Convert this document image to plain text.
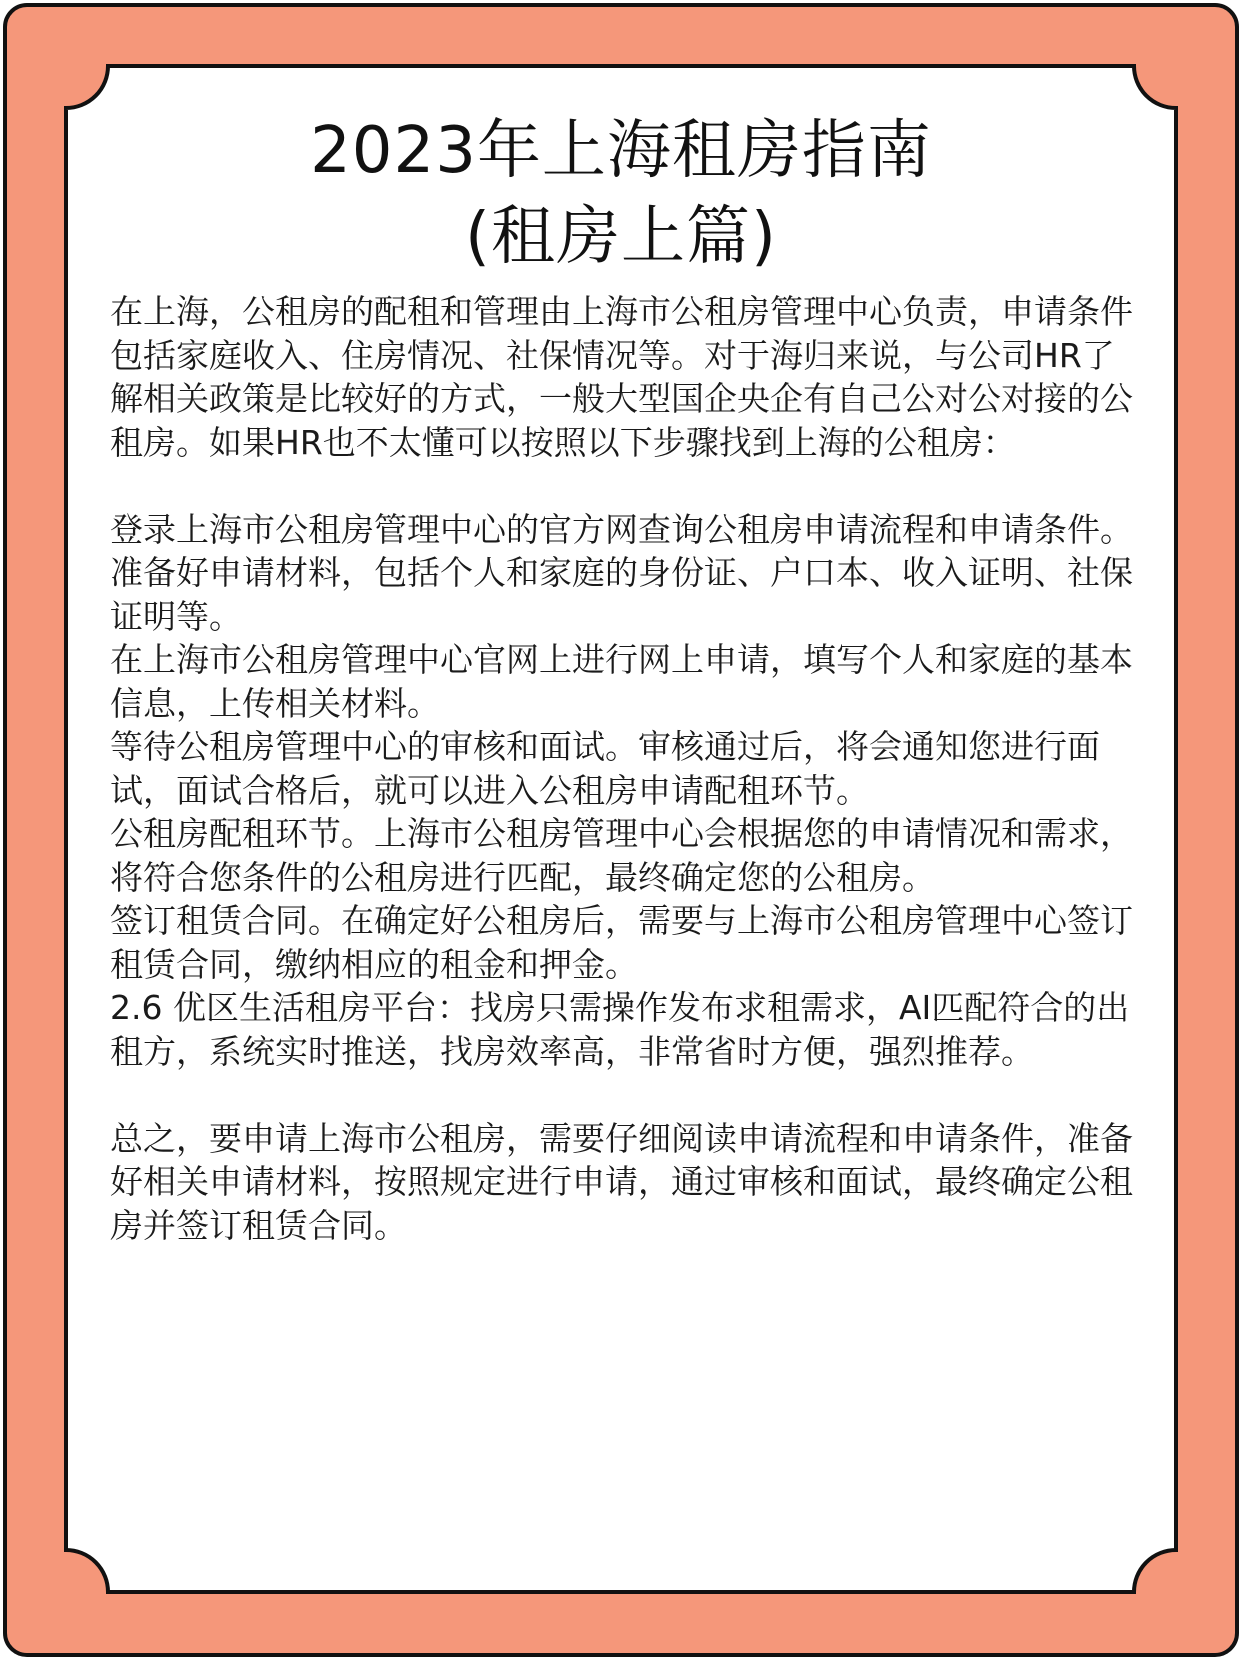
2023年上海租房指南
(租房上篇)

在上海，公租房的配租和管理由上海市公租房管理中心负责，申请条件包括家庭收入、住房情况、社保情况等。对于海归来说，与公司HR了解相关政策是比较好的方式，一般大型国企央企有自己公对公对接的公租房。如果HR也不太懂可以按照以下步骤找到上海的公租房：

登录上海市公租房管理中心的官方网查询公租房申请流程和申请条件。

准备好申请材料，包括个人和家庭的身份证、户口本、收入证明、社保证明等。

在上海市公租房管理中心官网上进行网上申请，填写个人和家庭的基本信息，上传相关材料。

等待公租房管理中心的审核和面试。审核通过后，将会通知您进行面试，面试合格后，就可以进入公租房申请配租环节。

公租房配租环节。上海市公租房管理中心会根据您的申请情况和需求，将符合您条件的公租房进行匹配，最终确定您的公租房。

签订租赁合同。在确定好公租房后，需要与上海市公租房管理中心签订租赁合同，缴纳相应的租金和押金。

2.6 优区生活租房平台：找房只需操作发布求租需求，AI匹配符合的出租方，系统实时推送，找房效率高，非常省时方便，强烈推荐。

总之，要申请上海市公租房，需要仔细阅读申请流程和申请条件，准备好相关申请材料，按照规定进行申请，通过审核和面试，最终确定公租房并签订租赁合同。
